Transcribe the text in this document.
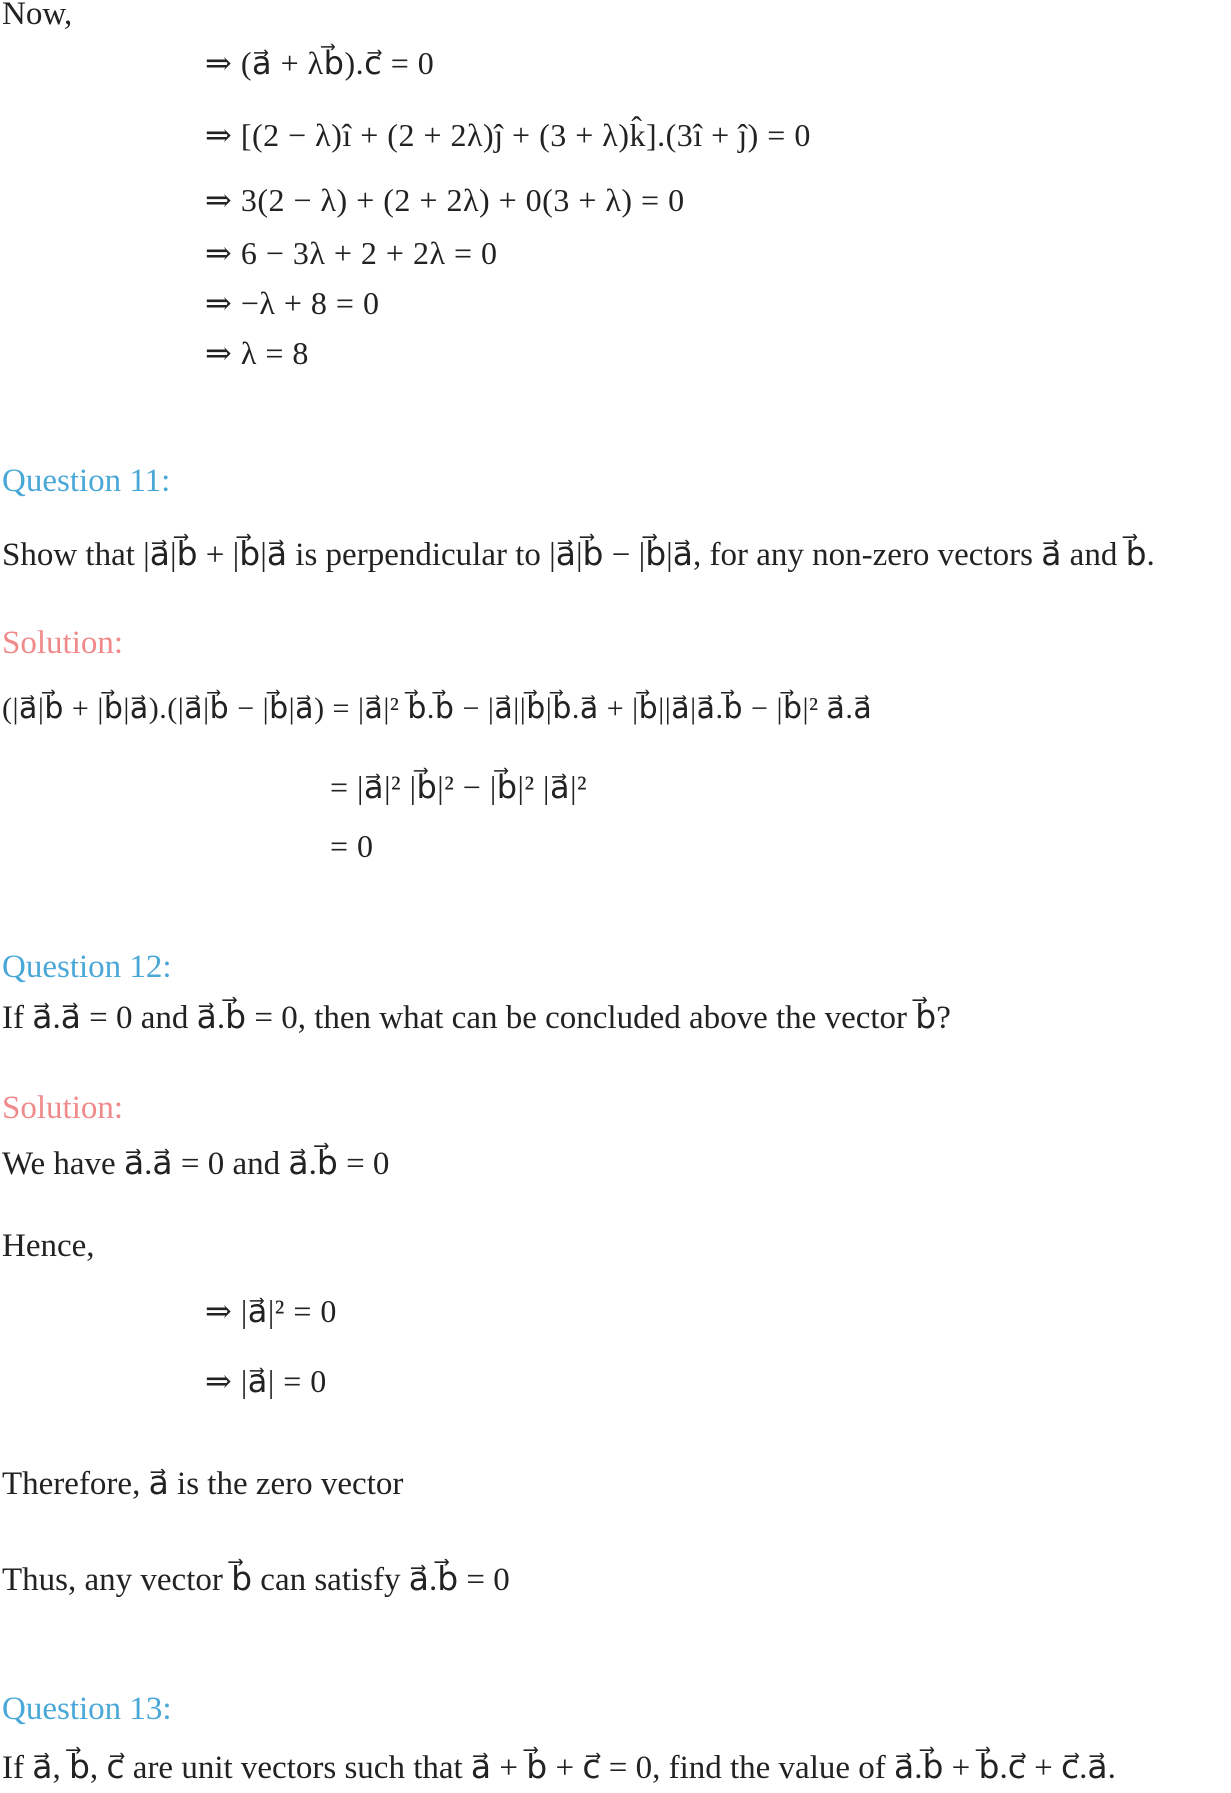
Now,
⇒ (a⃗ + λb⃗).c⃗ = 0
⇒ [(2 − λ)î + (2 + 2λ)ĵ + (3 + λ)k̂].(3î + ĵ) = 0
⇒ 3(2 − λ) + (2 + 2λ) + 0(3 + λ) = 0
⇒ 6 − 3λ + 2 + 2λ = 0
⇒ −λ + 8 = 0
⇒ λ = 8
Question 11:
Show that |a⃗|b⃗ + |b⃗|a⃗ is perpendicular to |a⃗|b⃗ − |b⃗|a⃗, for any non-zero vectors a⃗ and b⃗.
Solution:
(|a⃗|b⃗ + |b⃗|a⃗).(|a⃗|b⃗ − |b⃗|a⃗) = |a⃗|² b⃗.b⃗ − |a⃗||b⃗|b⃗.a⃗ + |b⃗||a⃗|a⃗.b⃗ − |b⃗|² a⃗.a⃗
= |a⃗|² |b⃗|² − |b⃗|² |a⃗|²
= 0
Question 12:
If a⃗.a⃗ = 0 and a⃗.b⃗ = 0, then what can be concluded above the vector b⃗?
Solution:
We have a⃗.a⃗ = 0 and a⃗.b⃗ = 0
Hence,
⇒ |a⃗|² = 0
⇒ |a⃗| = 0
Therefore, a⃗ is the zero vector
Thus, any vector b⃗ can satisfy a⃗.b⃗ = 0
Question 13:
If a⃗, b⃗, c⃗ are unit vectors such that a⃗ + b⃗ + c⃗ = 0, find the value of a⃗.b⃗ + b⃗.c⃗ + c⃗.a⃗.
